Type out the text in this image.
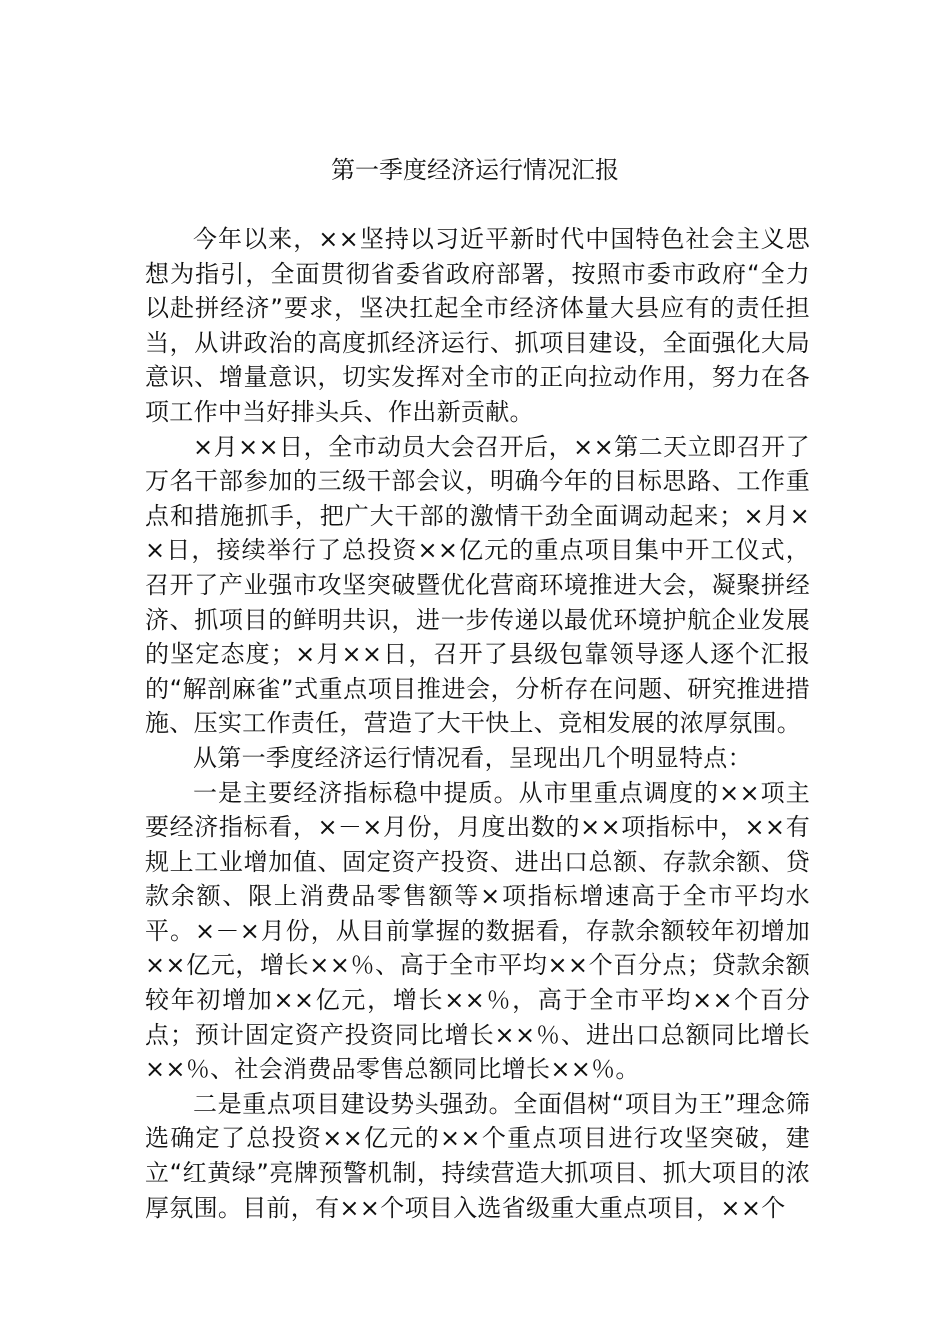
第一季度经济运行情况汇报

今年以来，××坚持以习近平新时代中国特色社会主义思想为指引，全面贯彻省委省政府部署，按照市委市政府“全力以赴拼经济”要求，坚决扛起全市经济体量大县应有的责任担当，从讲政治的高度抓经济运行、抓项目建设，全面强化大局意识、增量意识，切实发挥对全市的正向拉动作用，努力在各项工作中当好排头兵、作出新贡献。

×月××日，全市动员大会召开后，××第二天立即召开了万名干部参加的三级干部会议，明确今年的目标思路、工作重点和措施抓手，把广大干部的激情干劲全面调动起来；×月××日，接续举行了总投资××亿元的重点项目集中开工仪式，召开了产业强市攻坚突破暨优化营商环境推进大会，凝聚拼经济、抓项目的鲜明共识，进一步传递以最优环境护航企业发展的坚定态度；×月××日，召开了县级包靠领导逐人逐个汇报的“解剖麻雀”式重点项目推进会，分析存在问题、研究推进措施、压实工作责任，营造了大干快上、竞相发展的浓厚氛围。

从第一季度经济运行情况看，呈现出几个明显特点：

一是主要经济指标稳中提质。从市里重点调度的××项主要经济指标看，×－×月份，月度出数的××项指标中，××有规上工业增加值、固定资产投资、进出口总额、存款余额、贷款余额、限上消费品零售额等×项指标增速高于全市平均水平。×－×月份，从目前掌握的数据看，存款余额较年初增加××亿元，增长××％、高于全市平均××个百分点；贷款余额较年初增加××亿元，增长××％，高于全市平均××个百分点；预计固定资产投资同比增长××％、进出口总额同比增长××％、社会消费品零售总额同比增长××％。

二是重点项目建设势头强劲。全面倡树“项目为王”理念筛选确定了总投资××亿元的××个重点项目进行攻坚突破，建立“红黄绿”亮牌预警机制，持续营造大抓项目、抓大项目的浓厚氛围。目前，有××个项目入选省级重大重点项目，××个
